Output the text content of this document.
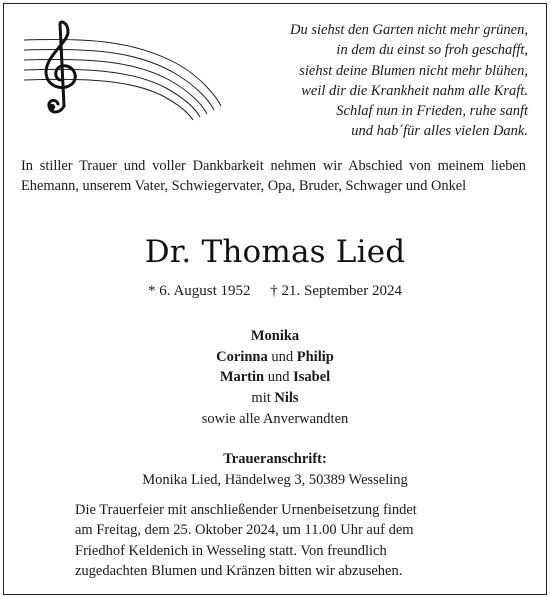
Du siehst den Garten nicht mehr grünen,
in dem du einst so froh geschafft,
siehst deine Blumen nicht mehr blühen,
weil dir die Krankheit nahm alle Kraft.
Schlaf nun in Frieden, ruhe sanft
und hab´für alles vielen Dank.
In stiller Trauer und voller Dankbarkeit nehmen wir Abschied von meinem lieben Ehemann, unserem Vater, Schwiegervater, Opa, Bruder, Schwager und Onkel
Dr. Thomas Lied
* 6. August 1952 † 21. September 2024
Monika
Corinna und Philip
Martin und Isabel
mit Nils
sowie alle Anverwandten
Traueranschrift:
Monika Lied, Händelweg 3, 50389 Wesseling
Die Trauerfeier mit anschließender Urnenbeisetzung findet
am Freitag, dem 25. Oktober 2024, um 11.00 Uhr auf dem
Friedhof Keldenich in Wesseling statt. Von freundlich
zugedachten Blumen und Kränzen bitten wir abzusehen.
